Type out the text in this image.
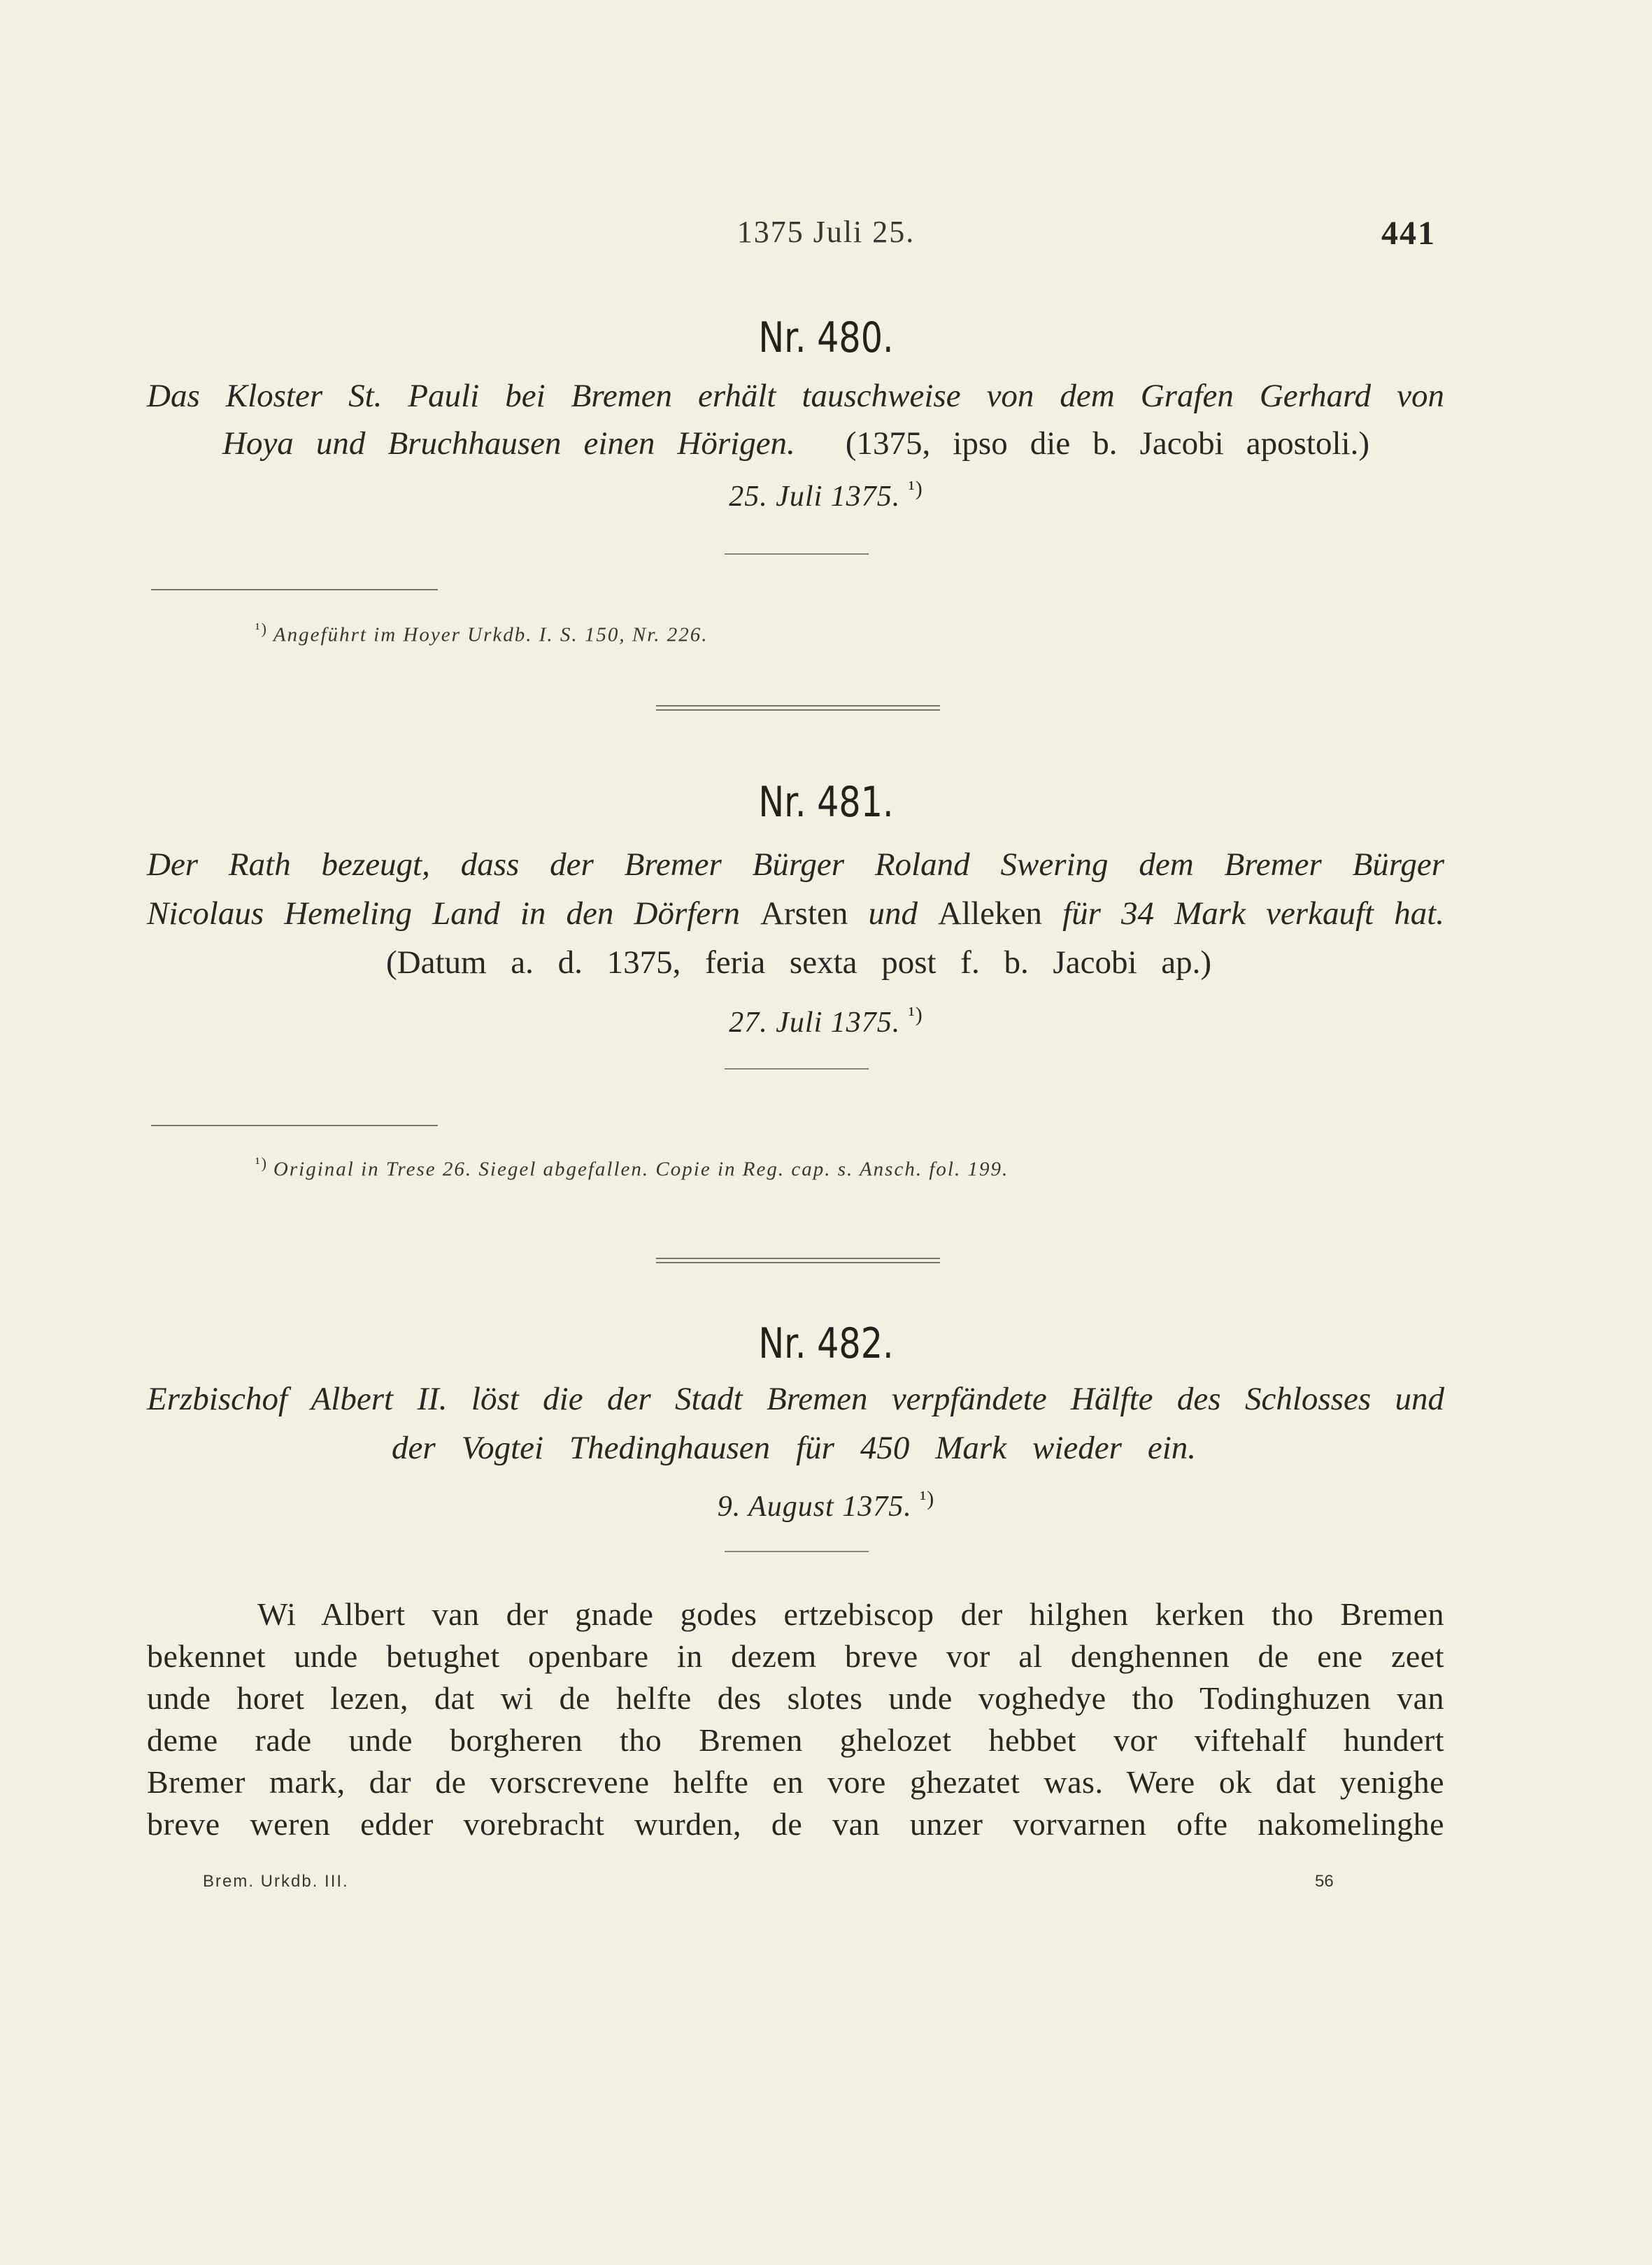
1375 Juli 25.	441
Nr. 480.
Das Kloster St. Pauli bei Bremen erhält tauschweise von dem Grafen Gerhard von
Hoya und Bruchhausen einen Hörigen. (1375, ipso die b. Jacobi apostoli.)
25. Juli 1375. $^{^1)}$
$^{^1)}$ Angeführt im Hoyer Urkdb. I. S. 150, Nr. 226.
Nr. 481.
Der Rath bezeugt, dass der Bremer Bürger Roland Swering dem Bremer Bürger
Nicolaus Hemeling Land in den Dörfern Arsten und Alleken für 34 Mark verkauft hat.
(Datum a. d. 1375, feria sexta post f. b. Jacobi ap.)
27. Juli 1375. $^{^1)}$
$^{^1)}$ Original in Trese 26. Siegel abgefallen. Copie in Reg. cap. s. Ansch. fol. 199.
Nr. 482.
Erzbischof Albert II. löst die der Stadt Bremen verpfändete Hälfte des Schlosses und
der Vogtei Thedinghausen für 450 Mark wieder ein.
9. August 1375. $^{^1)}$
Wi Albert van der gnade godes ertzebiscop der hilghen kerken tho Bremen
bekennet unde betughet openbare in dezem breve vor al denghennen de ene zeet
unde horet lezen, dat wi de helfte des slotes unde voghedye tho Todinghuzen van
deme rade unde borgheren tho Bremen ghelozet hebbet vor viftehalf hundert
Bremer mark, dar de vorscrevene helfte en vore ghezatet was. Were ok dat yenighe
breve weren edder vorebracht wurden, de van unzer vorvarnen ofte nakomelinghe
Brem. Urkdb. III.	56
